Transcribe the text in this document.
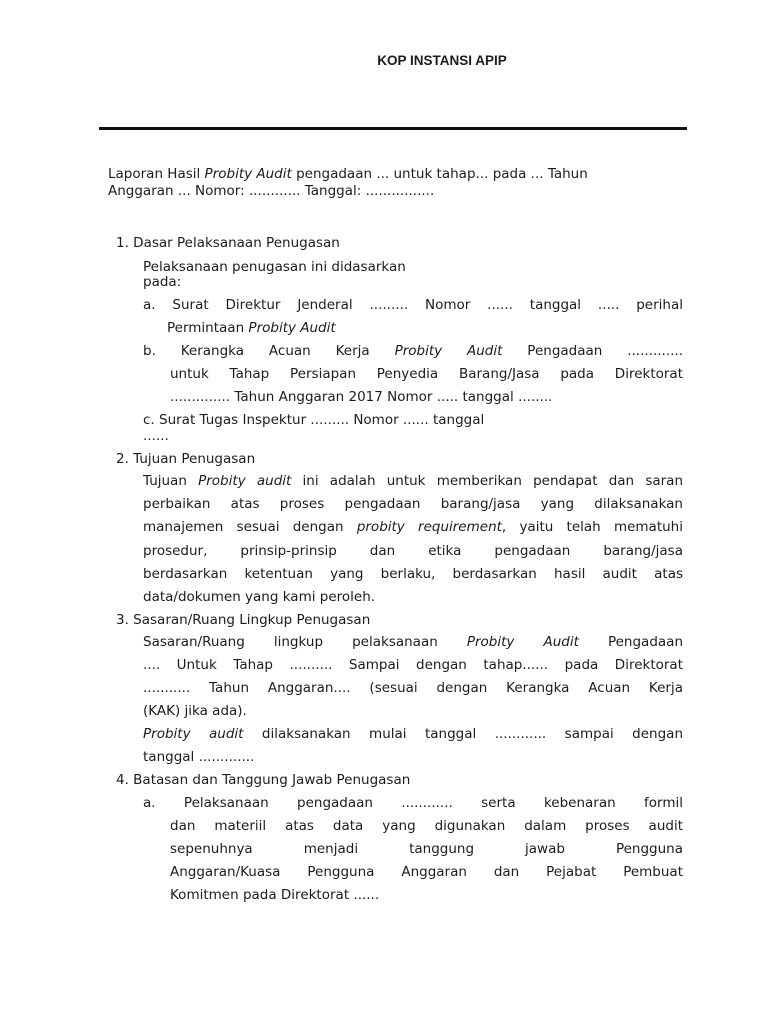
KOP INSTANSI APIP
Laporan Hasil Probity Audit pengadaan ... untuk tahap... pada ... Tahun
Anggaran ... Nomor: ............ Tanggal: ................
1. Dasar Pelaksanaan Penugasan
Pelaksanaan penugasan ini didasarkan
pada:
a. Surat Direktur Jenderal ......... Nomor ...... tanggal ..... perihal
Permintaan Probity Audit
b. Kerangka Acuan Kerja Probity Audit Pengadaan .............
untuk Tahap Persiapan Penyedia Barang/Jasa pada Direktorat
.............. Tahun Anggaran 2017 Nomor ..... tanggal ........
c. Surat Tugas Inspektur ......... Nomor ...... tanggal
......
2. Tujuan Penugasan
Tujuan Probity audit ini adalah untuk memberikan pendapat dan saran
perbaikan atas proses pengadaan barang/jasa yang dilaksanakan
manajemen sesuai dengan probity requirement, yaitu telah mematuhi
prosedur, prinsip-prinsip dan etika pengadaan barang/jasa
berdasarkan ketentuan yang berlaku, berdasarkan hasil audit atas
data/dokumen yang kami peroleh.
3. Sasaran/Ruang Lingkup Penugasan
Sasaran/Ruang lingkup pelaksanaan Probity Audit Pengadaan
.... Untuk Tahap .......... Sampai dengan tahap...... pada Direktorat
........... Tahun Anggaran.... (sesuai dengan Kerangka Acuan Kerja
(KAK) jika ada).
Probity audit dilaksanakan mulai tanggal ............ sampai dengan
tanggal .............
4. Batasan dan Tanggung Jawab Penugasan
a. Pelaksanaan pengadaan ............ serta kebenaran formil
dan materiil atas data yang digunakan dalam proses audit
sepenuhnya menjadi tanggung jawab Pengguna
Anggaran/Kuasa Pengguna Anggaran dan Pejabat Pembuat
Komitmen pada Direktorat ......
